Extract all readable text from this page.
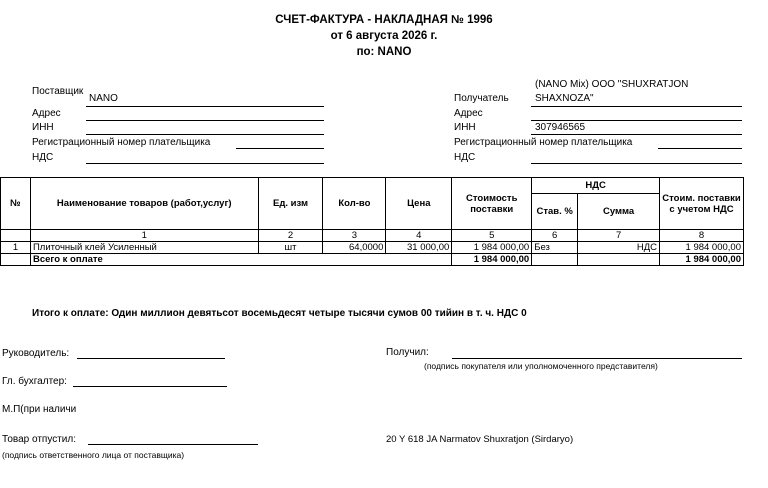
СЧЕТ-ФАКТУРА - НАКЛАДНАЯ № 1996
от 6 августа 2026 г.
по: NANO
Поставщик
NANO
Адрес
ИНН
Регистрационный номер плательщика
НДС
(NANO Mix) ООО "SHUXRATJON
Получатель	SHAXNOZA"
Адрес
ИНН	307946565
Регистрационный номер плательщика
НДС
№	Наименование товаров (работ,услуг)	Ед. изм	Кол-во	Цена	Стоимость поставки	НДС		Стоим. поставки с учетом НДС
						Став. %	Сумма	
	1	2	3	4	5	6	7	8
1	Плиточный клей Усиленный	шт	64,0000	31 000,00	1 984 000,00	Без	НДС	1 984 000,00
	Всего к оплате				1 984 000,00			1 984 000,00
Итого к оплате: Один миллион девятьсот восемьдесят четыре тысячи сумов 00 тийин в т. ч. НДС 0
Руководитель:
Гл. бухгалтер:
М.П(при наличи
Товар отпустил:
(подпись ответственного лица от поставщика)
Получил:
(подпись покупателя или уполномоченного представителя)
20 Y 618 JA Narmatov Shuxratjon (Sirdaryo)
